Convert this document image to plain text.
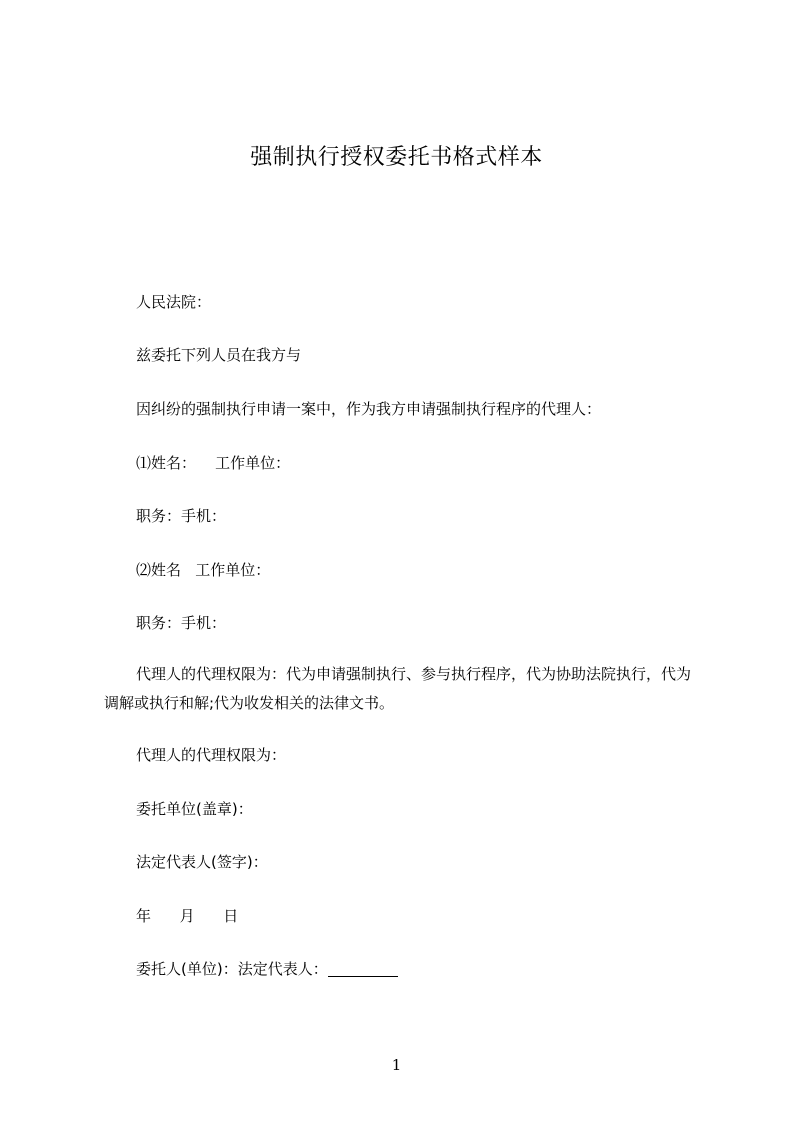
强制执行授权委托书格式样本
人民法院：
兹委托下列人员在我方与
因纠纷的强制执行申请一案中，作为我方申请强制执行程序的代理人：
⑴姓名：    工作单位：
职务：手机：
⑵姓名   工作单位：
职务：手机：
代理人的代理权限为：代为申请强制执行、参与执行程序，代为协助法院执行，代为调解或执行和解;代为收发相关的法律文书。
代理人的代理权限为：
委托单位(盖章)：
法定代表人(签字)：
年      月      日
委托人(单位)：法定代表人：
1
